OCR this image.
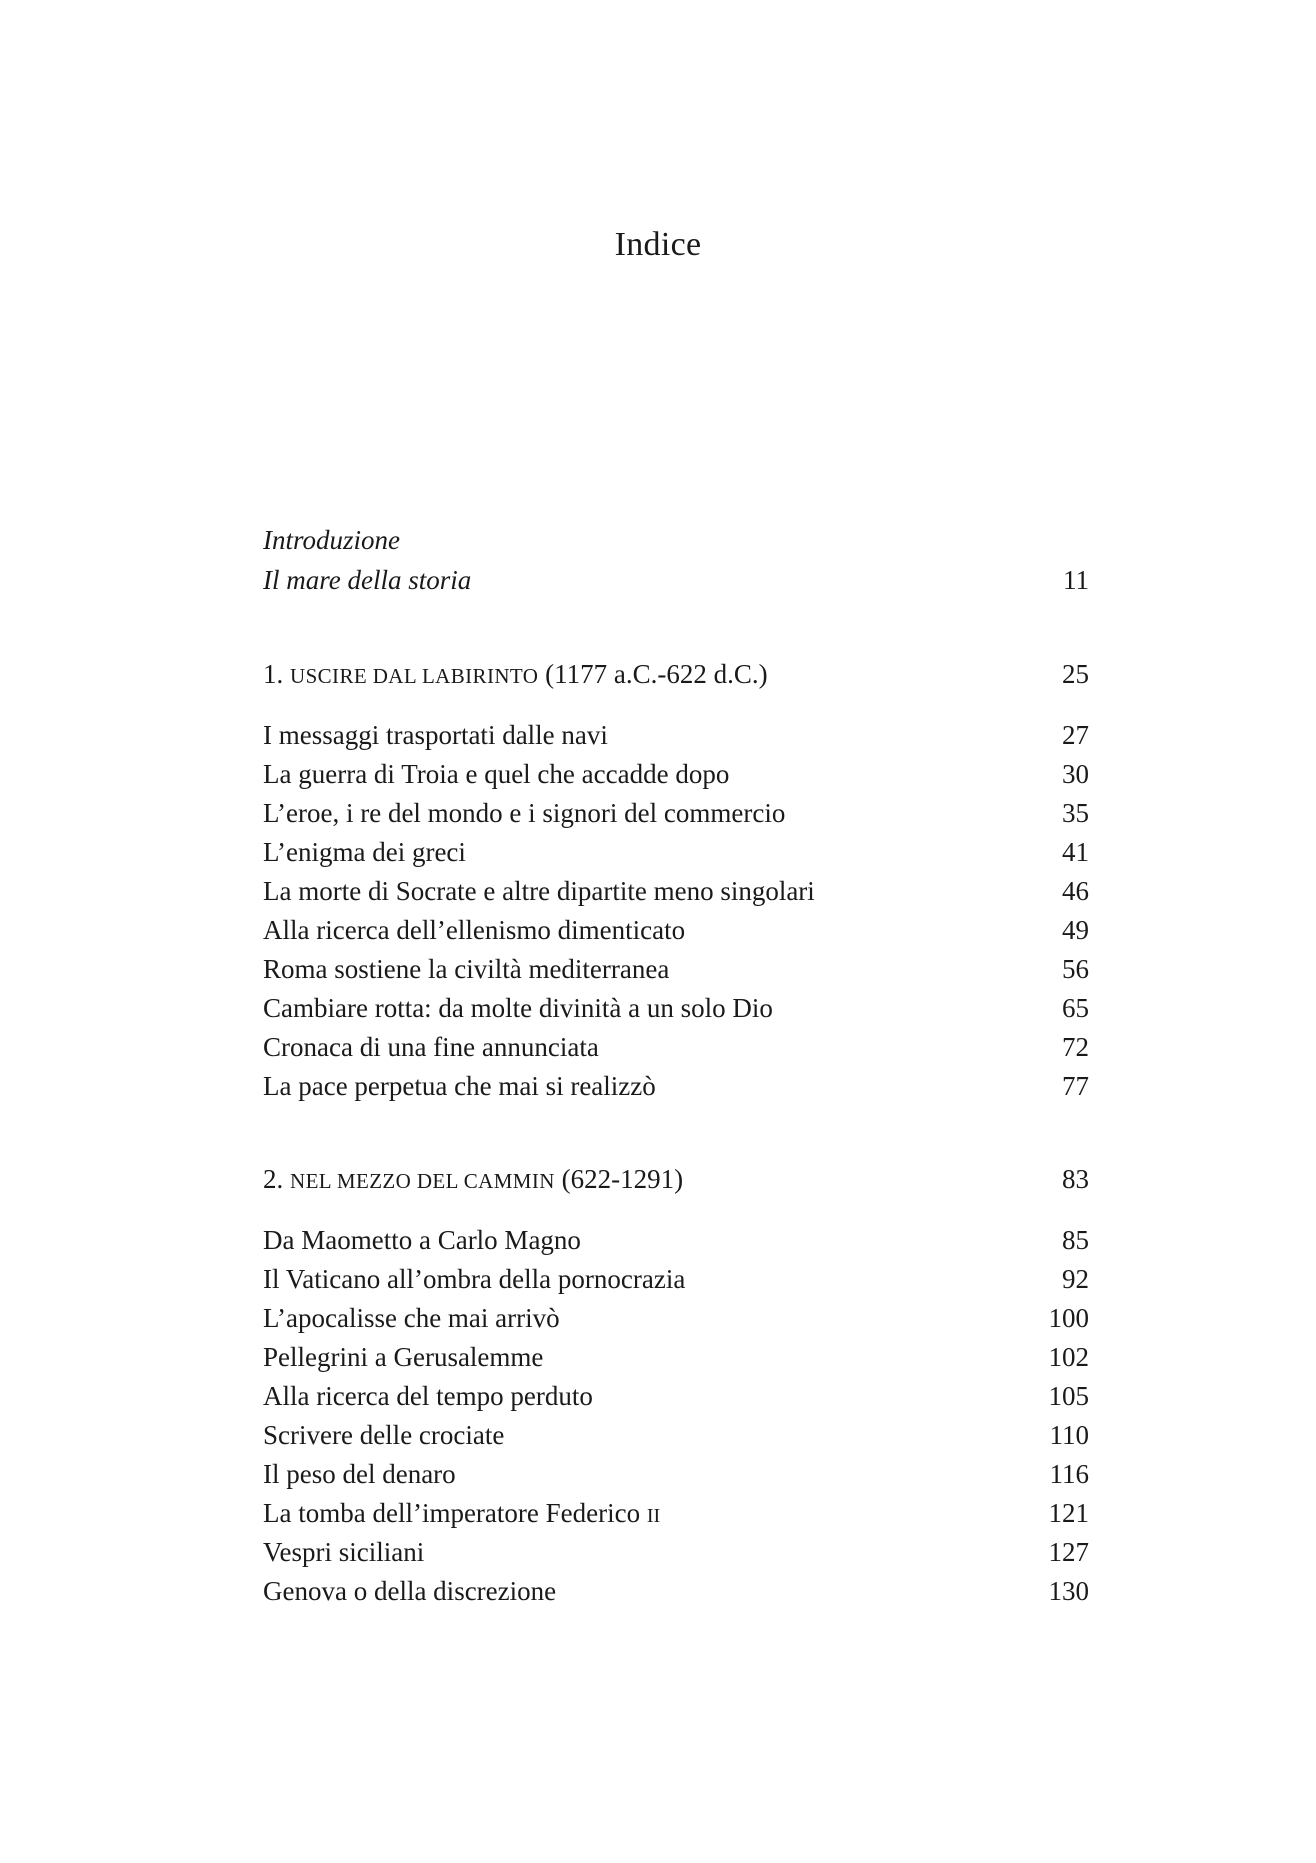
Indice
Introduzione
Il mare della storia	11
1. USCIRE DAL LABIRINTO (1177 a.C.-622 d.C.)	25
I messaggi trasportati dalle navi	27
La guerra di Troia e quel che accadde dopo	30
L’eroe, i re del mondo e i signori del commercio	35
L’enigma dei greci	41
La morte di Socrate e altre dipartite meno singolari	46
Alla ricerca dell’ellenismo dimenticato	49
Roma sostiene la civiltà mediterranea	56
Cambiare rotta: da molte divinità a un solo Dio	65
Cronaca di una fine annunciata	72
La pace perpetua che mai si realizzò	77
2. NEL MEZZO DEL CAMMIN (622-1291)	83
Da Maometto a Carlo Magno	85
Il Vaticano all’ombra della pornocrazia	92
L’apocalisse che mai arrivò	100
Pellegrini a Gerusalemme	102
Alla ricerca del tempo perduto	105
Scrivere delle crociate	110
Il peso del denaro	116
La tomba dell’imperatore Federico II	121
Vespri siciliani	127
Genova o della discrezione	130
